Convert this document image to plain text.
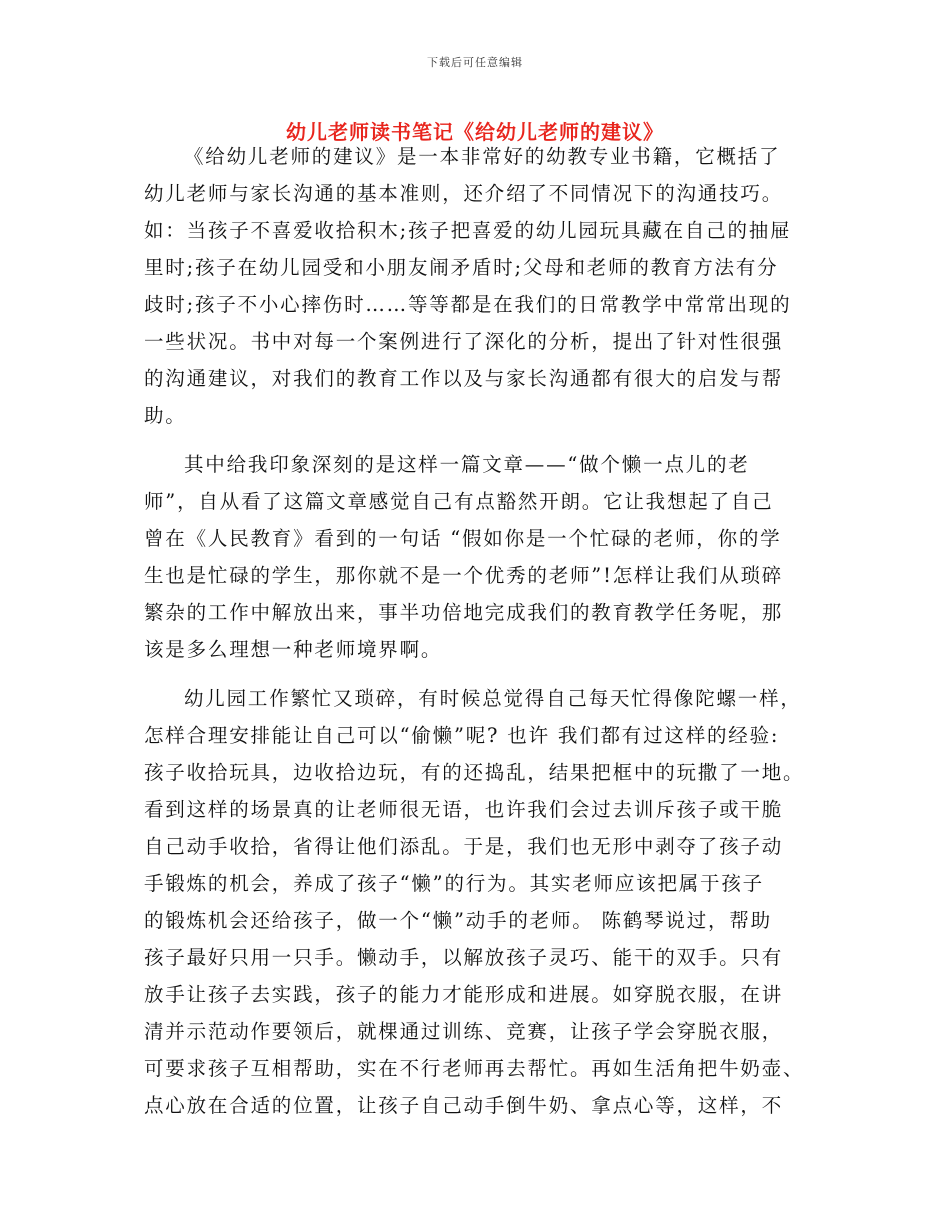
下载后可任意编辑
幼儿老师读书笔记《给幼儿老师的建议》
《给幼儿老师的建议》是一本非常好的幼教专业书籍，它概括了
幼儿老师与家长沟通的基本准则，还介绍了不同情况下的沟通技巧。
如：当孩子不喜爱收拾积木;孩子把喜爱的幼儿园玩具藏在自己的抽屉
里时;孩子在幼儿园受和小朋友闹矛盾时;父母和老师的教育方法有分
歧时;孩子不小心摔伤时……等等都是在我们的日常教学中常常出现的
一些状况。书中对每一个案例进行了深化的分析，提出了针对性很强
的沟通建议，对我们的教育工作以及与家长沟通都有很大的启发与帮
助。
其中给我印象深刻的是这样一篇文章——“做个懒一点儿的老
师”，自从看了这篇文章感觉自己有点豁然开朗。它让我想起了自己
曾在《人民教育》看到的一句话 “假如你是一个忙碌的老师，你的学
生也是忙碌的学生，那你就不是一个优秀的老师”!怎样让我们从琐碎
繁杂的工作中解放出来，事半功倍地完成我们的教育教学任务呢，那
该是多么理想一种老师境界啊。
幼儿园工作繁忙又琐碎，有时候总觉得自己每天忙得像陀螺一样，
怎样合理安排能让自己可以“偷懒”呢? 也许 我们都有过这样的经验:
孩子收拾玩具，边收拾边玩，有的还捣乱，结果把框中的玩撒了一地。
看到这样的场景真的让老师很无语，也许我们会过去训斥孩子或干脆
自己动手收拾，省得让他们添乱。于是，我们也无形中剥夺了孩子动
手锻炼的机会，养成了孩子“懒”的行为。其实老师应该把属于孩子
的锻炼机会还给孩子，做一个“懒”动手的老师。 陈鹤琴说过，帮助
孩子最好只用一只手。懒动手，以解放孩子灵巧、能干的双手。只有
放手让孩子去实践，孩子的能力才能形成和进展。如穿脱衣服，在讲
清并示范动作要领后，就棵通过训练、竞赛，让孩子学会穿脱衣服，
可要求孩子互相帮助，实在不行老师再去帮忙。再如生活角把牛奶壶、
点心放在合适的位置，让孩子自己动手倒牛奶、拿点心等，这样，不
